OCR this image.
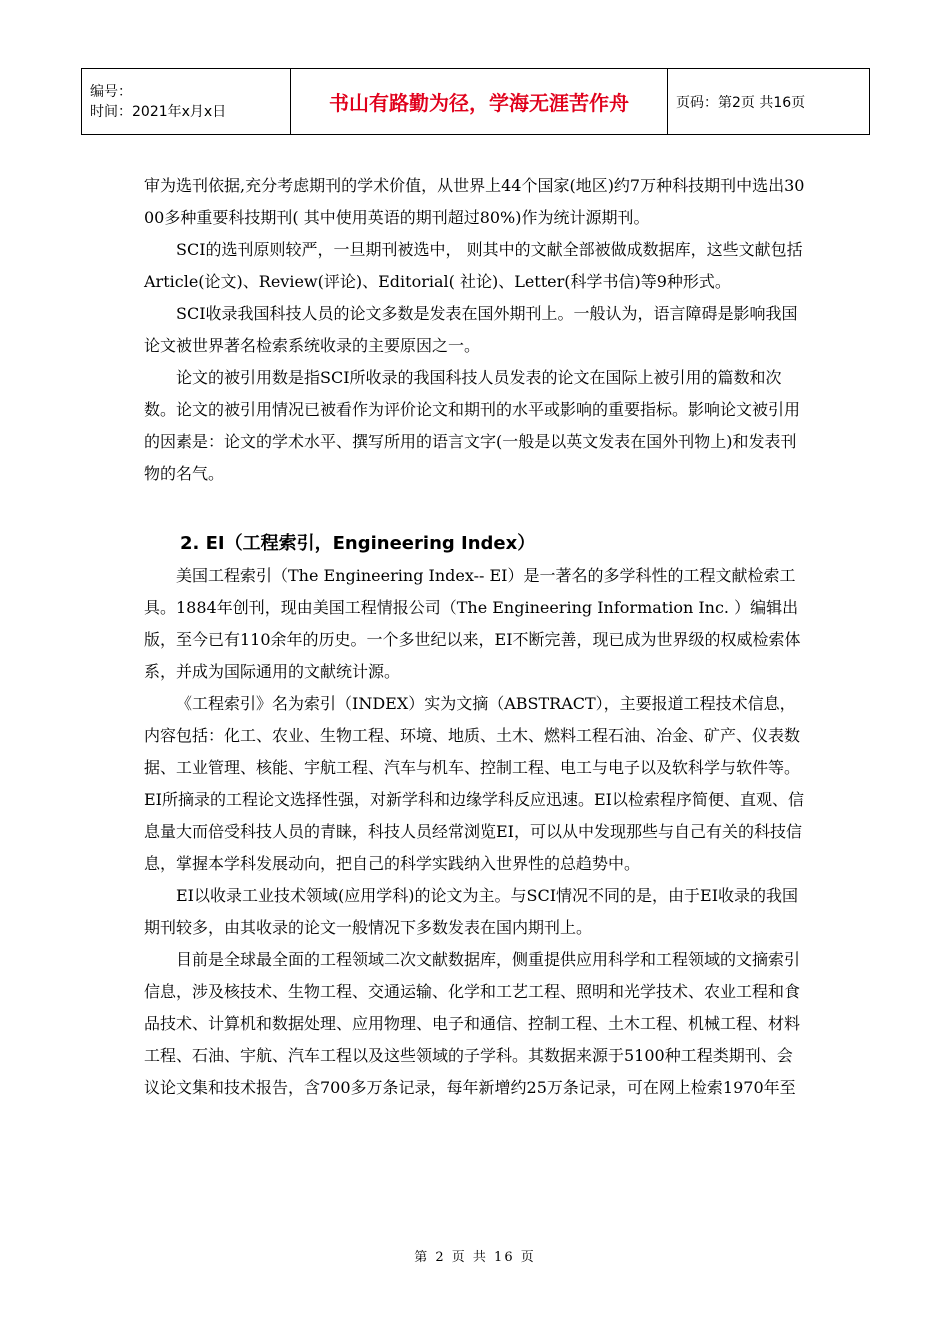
编号：
时间：2021年x月x日	书山有路勤为径，学海无涯苦作舟	页码：第2页 共16页

审为选刊依据,充分考虑期刊的学术价值，从世界上44个国家(地区)约7万种科技期刊中选出3000多种重要科技期刊( 其中使用英语的期刊超过80%)作为统计源期刊。

SCI的选刊原则较严，一旦期刊被选中， 则其中的文献全部被做成数据库，这些文献包括Article(论文)、Review(评论)、Editorial( 社论)、Letter(科学书信)等9种形式。

SCI收录我国科技人员的论文多数是发表在国外期刊上。一般认为，语言障碍是影响我国论文被世界著名检索系统收录的主要原因之一。

论文的被引用数是指SCI所收录的我国科技人员发表的论文在国际上被引用的篇数和次数。论文的被引用情况已被看作为评价论文和期刊的水平或影响的重要指标。影响论文被引用的因素是：论文的学术水平、撰写所用的语言文字(一般是以英文发表在国外刊物上)和发表刊物的名气。

2. EI（工程索引，Engineering Index）

美国工程索引（The Engineering Index-- EI）是一著名的多学科性的工程文献检索工具。1884年创刊，现由美国工程情报公司（The Engineering Information Inc. ）编辑出版，至今已有110余年的历史。一个多世纪以来，EI不断完善，现已成为世界级的权威检索体系，并成为国际通用的文献统计源。

《工程索引》名为索引（INDEX）实为文摘（ABSTRACT），主要报道工程技术信息，内容包括：化工、农业、生物工程、环境、地质、土木、燃料工程石油、冶金、矿产、仪表数据、工业管理、核能、宇航工程、汽车与机车、控制工程、电工与电子以及软科学与软件等。EI所摘录的工程论文选择性强，对新学科和边缘学科反应迅速。EI以检索程序简便、直观、信息量大而倍受科技人员的青睐，科技人员经常浏览EI，可以从中发现那些与自己有关的科技信息，掌握本学科发展动向，把自己的科学实践纳入世界性的总趋势中。

EI以收录工业技术领域(应用学科)的论文为主。与SCI情况不同的是，由于EI收录的我国期刊较多，由其收录的论文一般情况下多数发表在国内期刊上。

目前是全球最全面的工程领域二次文献数据库，侧重提供应用科学和工程领域的文摘索引信息，涉及核技术、生物工程、交通运输、化学和工艺工程、照明和光学技术、农业工程和食品技术、计算机和数据处理、应用物理、电子和通信、控制工程、土木工程、机械工程、材料工程、石油、宇航、汽车工程以及这些领域的子学科。其数据来源于5100种工程类期刊、会议论文集和技术报告，含700多万条记录，每年新增约25万条记录，可在网上检索1970年至

第 2 页 共 16 页
